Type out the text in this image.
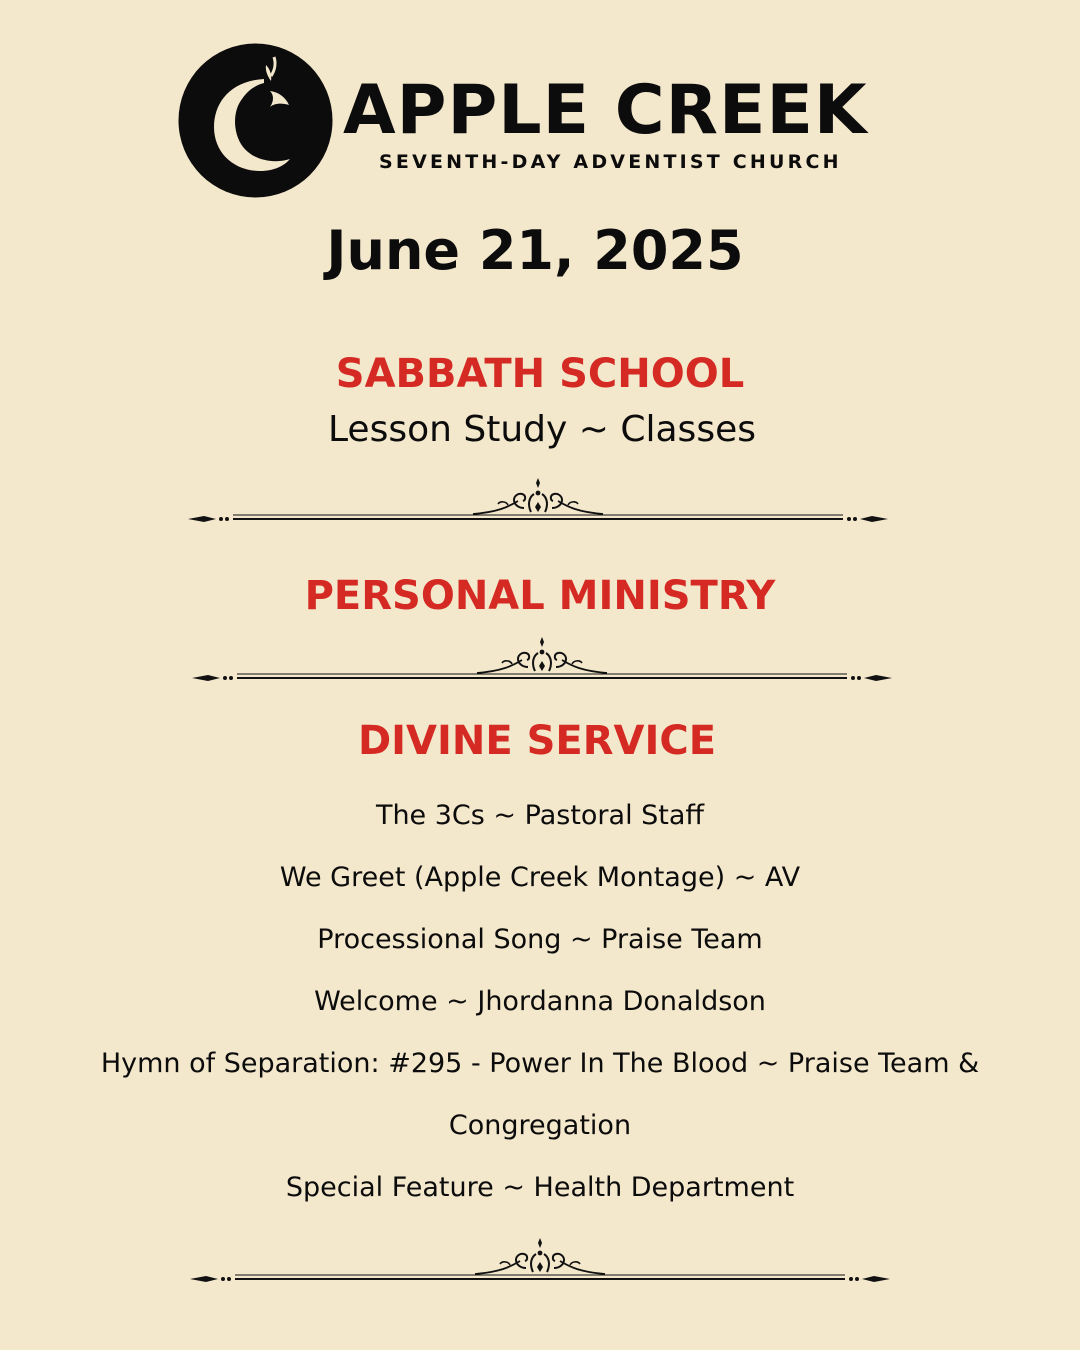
APPLE CREEK

SEVENTH-DAY ADVENTIST CHURCH

June 21, 2025
SABBATH SCHOOL

Lesson Study ~ Classes

PERSONAL MINISTRY
DIVINE SERVICE
The 3Cs ~ Pastoral Staff
We Greet (Apple Creek Montage) ~ AV
Processional Song ~ Praise Team
Welcome ~ Jhordanna Donaldson
Hymn of Separation: #295 - Power In The Blood ~ Praise Team & Congregation
Special Feature ~ Health Department
